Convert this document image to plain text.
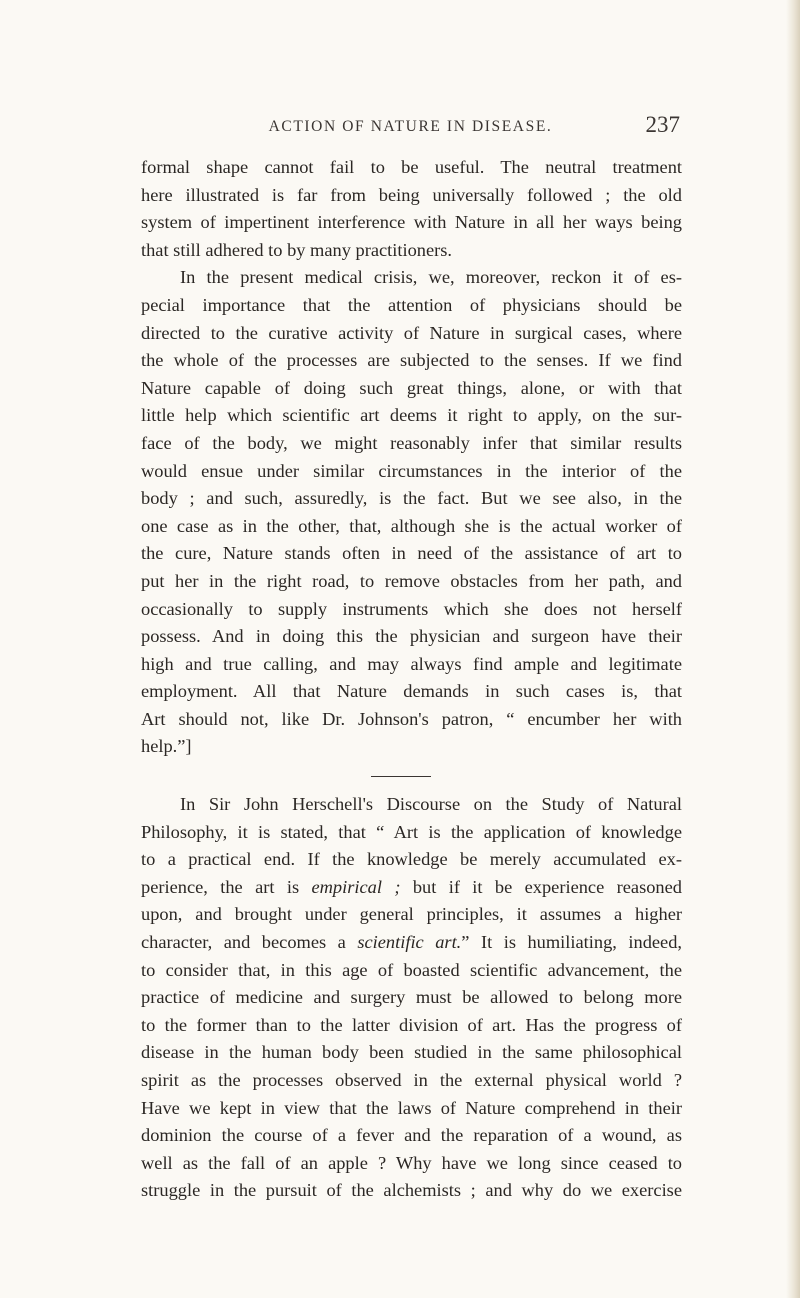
ACTION OF NATURE IN DISEASE.	237
formal shape cannot fail to be useful. The neutral treatment
here illustrated is far from being universally followed ; the old
system of impertinent interference with Nature in all her ways being
that still adhered to by many practitioners.
In the present medical crisis, we, moreover, reckon it of es-
pecial importance that the attention of physicians should be
directed to the curative activity of Nature in surgical cases, where
the whole of the processes are subjected to the senses. If we find
Nature capable of doing such great things, alone, or with that
little help which scientific art deems it right to apply, on the sur-
face of the body, we might reasonably infer that similar results
would ensue under similar circumstances in the interior of the
body ; and such, assuredly, is the fact. But we see also, in the
one case as in the other, that, although she is the actual worker of
the cure, Nature stands often in need of the assistance of art to
put her in the right road, to remove obstacles from her path, and
occasionally to supply instruments which she does not herself
possess. And in doing this the physician and surgeon have their
high and true calling, and may always find ample and legitimate
employment. All that Nature demands in such cases is, that
Art should not, like Dr. Johnson's patron, “ encumber her with
help.”]
In Sir John Herschell's Discourse on the Study of Natural
Philosophy, it is stated, that “ Art is the application of knowledge
to a practical end. If the knowledge be merely accumulated ex-
perience, the art is empirical ; but if it be experience reasoned
upon, and brought under general principles, it assumes a higher
character, and becomes a scientific art.” It is humiliating, indeed,
to consider that, in this age of boasted scientific advancement, the
practice of medicine and surgery must be allowed to belong more
to the former than to the latter division of art. Has the progress of
disease in the human body been studied in the same philosophical
spirit as the processes observed in the external physical world ?
Have we kept in view that the laws of Nature comprehend in their
dominion the course of a fever and the reparation of a wound, as
well as the fall of an apple ? Why have we long since ceased to
struggle in the pursuit of the alchemists ; and why do we exercise
